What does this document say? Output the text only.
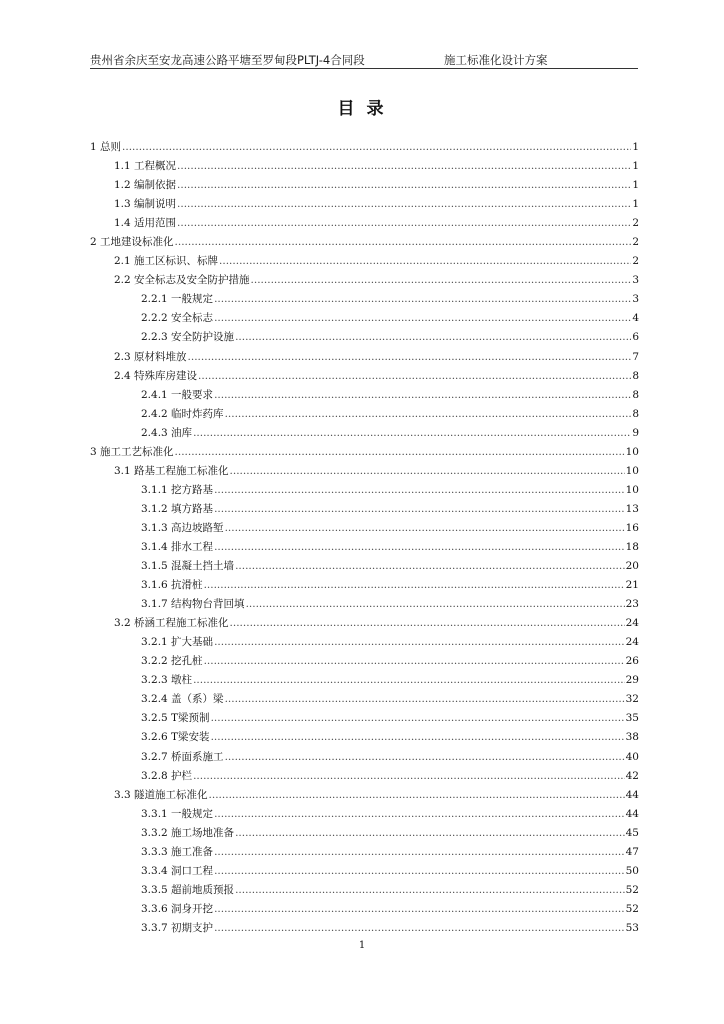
贵州省余庆至安龙高速公路平塘至罗甸段PLTJ-4合同段	施工标准化设计方案
目 录
1 总则 .....	1
1.1 工程概况 .....	1
1.2 编制依据 .....	1
1.3 编制说明 .....	1
1.4 适用范围 .....	2
2 工地建设标准化 .....	2
2.1 施工区标识、标牌 .....	2
2.2 安全标志及安全防护措施 .....	3
2.2.1 一般规定 .....	3
2.2.2 安全标志 .....	4
2.2.3 安全防护设施 .....	6
2.3 原材料堆放 .....	7
2.4 特殊库房建设 .....	8
2.4.1 一般要求 .....	8
2.4.2 临时炸药库 .....	8
2.4.3 油库 .....	9
3 施工工艺标准化 .....	10
3.1 路基工程施工标准化 .....	10
3.1.1 挖方路基 .....	10
3.1.2 填方路基 .....	13
3.1.3 高边坡路堑 .....	16
3.1.4 排水工程 .....	18
3.1.5 混凝土挡土墙 .....	20
3.1.6 抗滑桩 .....	21
3.1.7 结构物台背回填 .....	23
3.2 桥涵工程施工标准化 .....	24
3.2.1 扩大基础 .....	24
3.2.2 挖孔桩 .....	26
3.2.3 墩柱 .....	29
3.2.4 盖（系）梁 .....	32
3.2.5 T梁预制 .....	35
3.2.6 T梁安装 .....	38
3.2.7 桥面系施工 .....	40
3.2.8 护栏 .....	42
3.3 隧道施工标准化 .....	44
3.3.1 一般规定 .....	44
3.3.2 施工场地准备 .....	45
3.3.3 施工准备 .....	47
3.3.4 洞口工程 .....	50
3.3.5 超前地质预报 .....	52
3.3.6 洞身开挖 .....	52
3.3.7 初期支护 .....	53
1
